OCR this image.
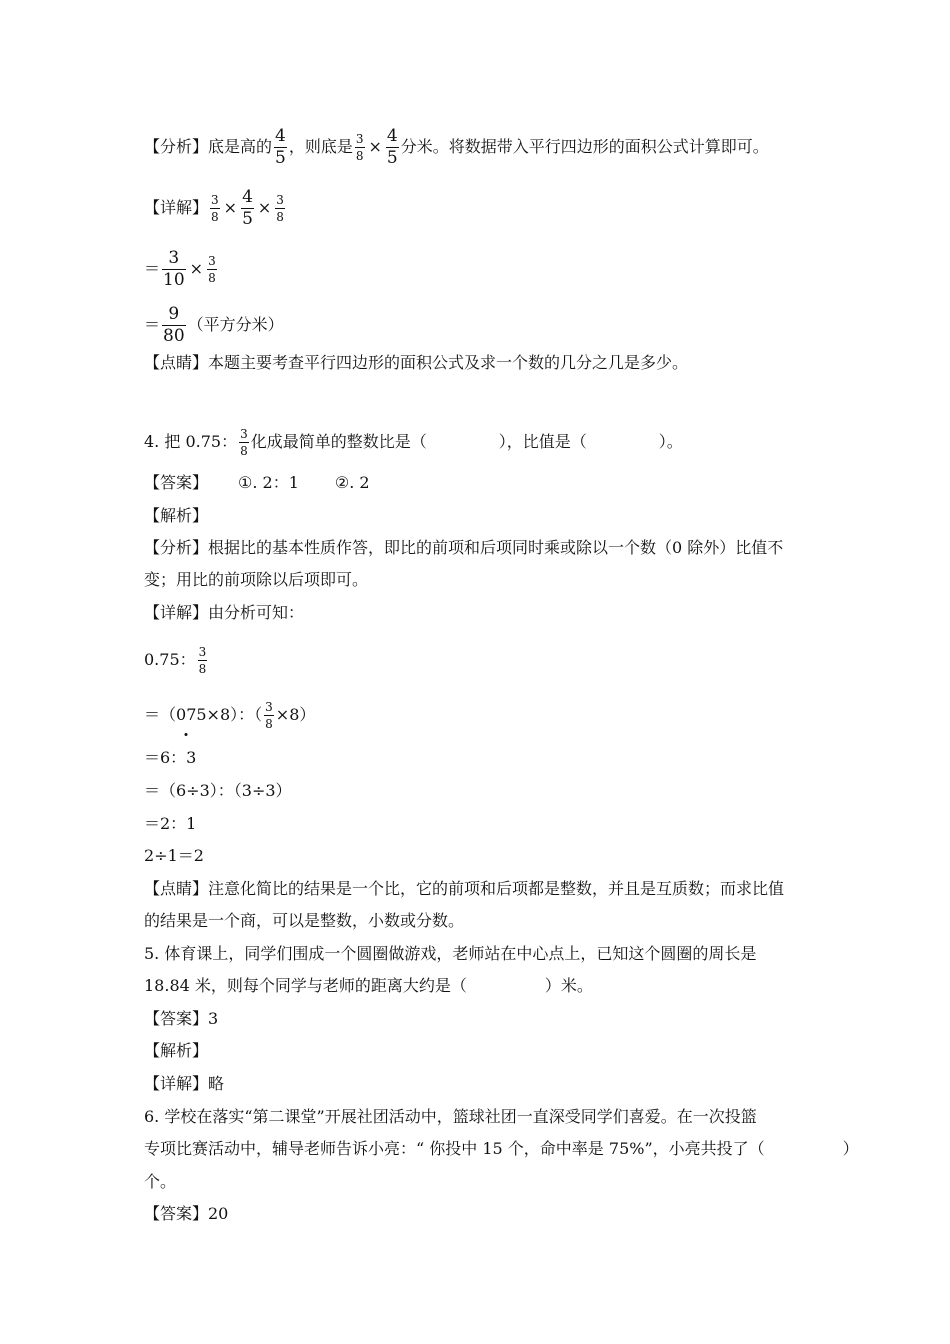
【分析】底是高的 $\frac{4}{5}$ ，则底是 $\frac{3}{8} \times \frac{4}{5}$ 分米。将数据带入平行四边形的面积公式计算即可。
【详解】 $\frac{3}{8} \times \frac{4}{5} \times \frac{3}{8}$
＝ $\frac{3}{10} \times \frac{3}{8}$
＝ $\frac{9}{80}$ （平方分米）
【点睛】本题主要考查平行四边形的面积公式及求一个数的几分之几是多少。
4. 把 0.75： $\frac{3}{8}$ 化成最简单的整数比是（	），比值是（	）。
【答案】 ①. 2：1 ②. 2
【解析】
【分析】根据比的基本性质作答，即比的前项和后项同时乘或除以一个数（0 除外）比值不
变；用比的前项除以后项即可。
【详解】由分析可知：
0.75： $\frac{3}{8}$
＝（075×8）：（ $\frac{3}{8} \times 8$）
＝6：3
＝（6÷3）：（3÷3）
＝2：1
2÷1＝2
【点睛】注意化简比的结果是一个比，它的前项和后项都是整数，并且是互质数；而求比值
的结果是一个商，可以是整数，小数或分数。
5. 体育课上，同学们围成一个圆圈做游戏，老师站在中心点上，已知这个圆圈的周长是
18.84 米，则每个同学与老师的距离大约是（	）米。
【答案】3
【解析】
【详解】略
6. 学校在落实“第二课堂”开展社团活动中，篮球社团一直深受同学们喜爱。在一次投篮
专项比赛活动中，辅导老师告诉小亮：“ 你投中 15 个，命中率是 75%”，小亮共投了（	）
个。
【答案】20
